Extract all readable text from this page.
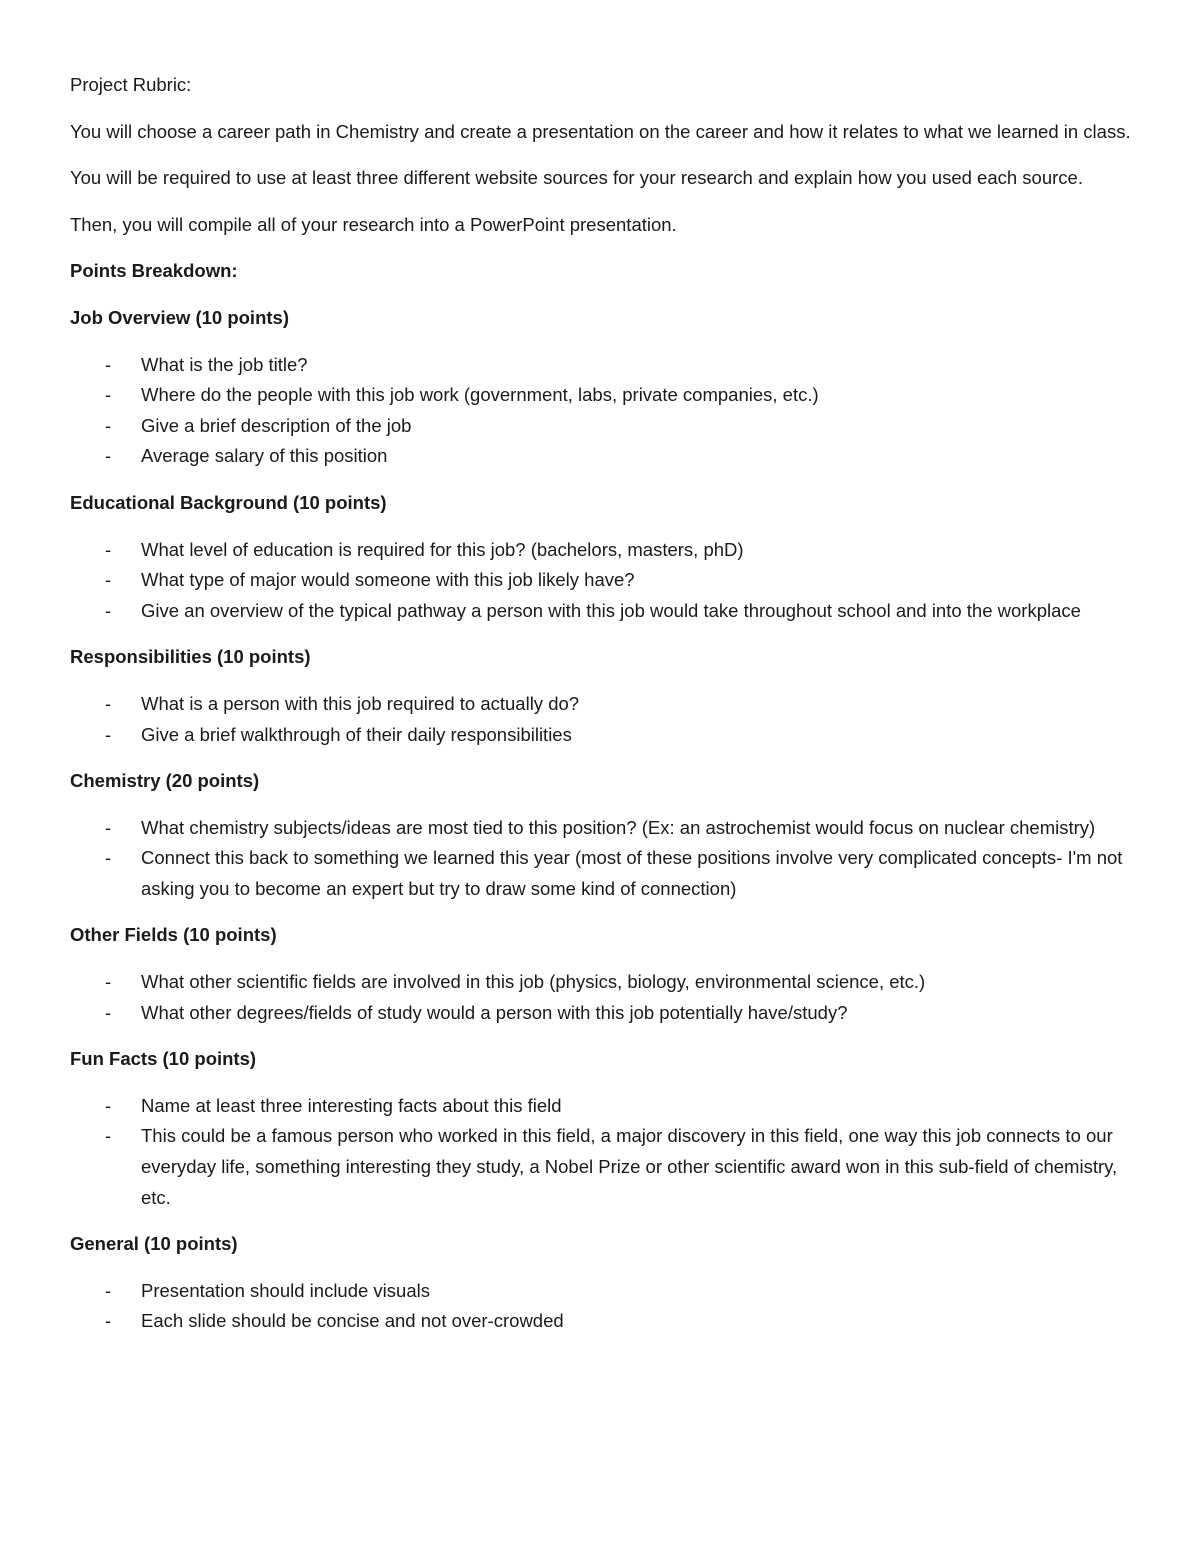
Project Rubric:

You will choose a career path in Chemistry and create a presentation on the career and how it relates to what we learned in class.

You will be required to use at least three different website sources for your research and explain how you used each source.

Then, you will compile all of your research into a PowerPoint presentation.

Points Breakdown:

Job Overview (10 points)

- What is the job title?
- Where do the people with this job work (government, labs, private companies, etc.)
- Give a brief description of the job
- Average salary of this position

Educational Background (10 points)

- What level of education is required for this job? (bachelors, masters, phD)
- What type of major would someone with this job likely have?
- Give an overview of the typical pathway a person with this job would take throughout school and into the workplace

Responsibilities (10 points)

- What is a person with this job required to actually do?
- Give a brief walkthrough of their daily responsibilities

Chemistry (20 points)

- What chemistry subjects/ideas are most tied to this position? (Ex: an astrochemist would focus on nuclear chemistry)
- Connect this back to something we learned this year (most of these positions involve very complicated concepts- I'm not asking you to become an expert but try to draw some kind of connection)

Other Fields (10 points)

- What other scientific fields are involved in this job (physics, biology, environmental science, etc.)
- What other degrees/fields of study would a person with this job potentially have/study?

Fun Facts (10 points)

- Name at least three interesting facts about this field
- This could be a famous person who worked in this field, a major discovery in this field, one way this job connects to our everyday life, something interesting they study, a Nobel Prize or other scientific award won in this sub-field of chemistry, etc.

General (10 points)

- Presentation should include visuals
- Each slide should be concise and not over-crowded
